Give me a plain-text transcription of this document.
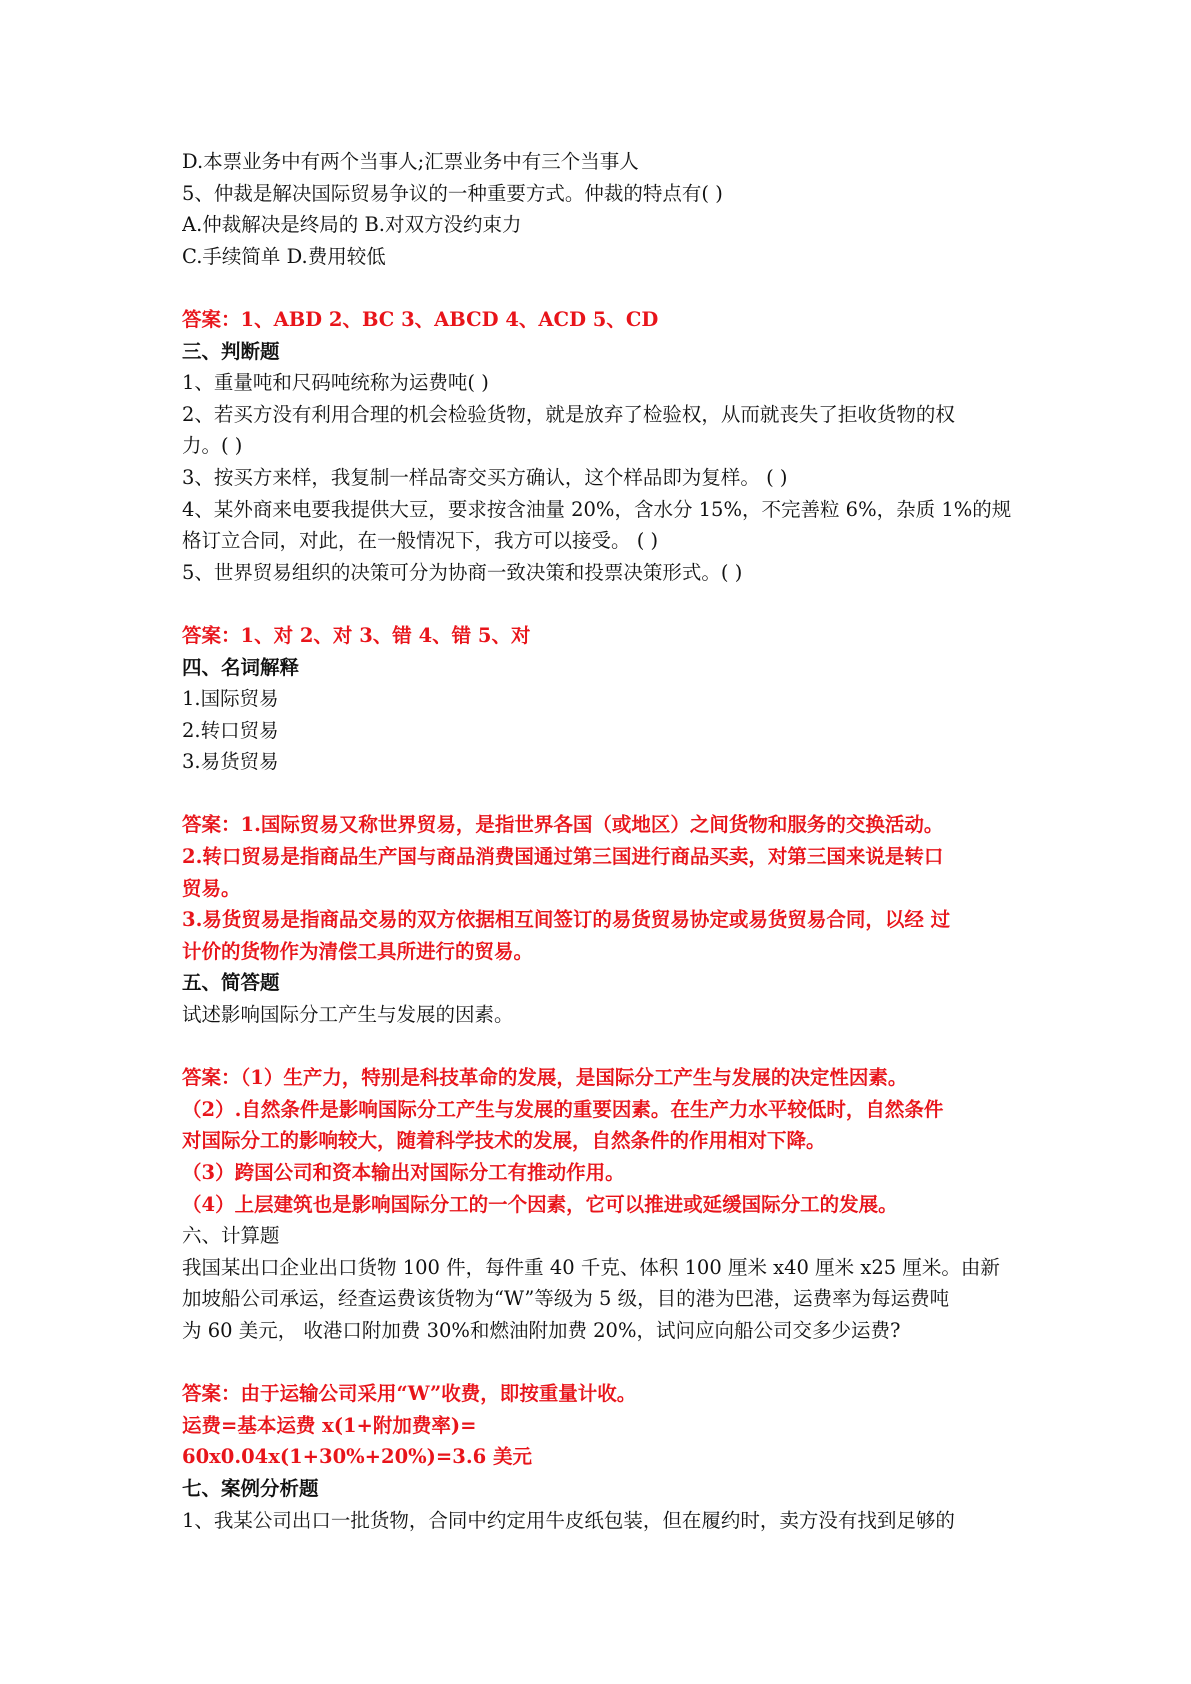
D.本票业务中有两个当事人;汇票业务中有三个当事人
5、仲裁是解决国际贸易争议的一种重要方式。仲裁的特点有( )
A.仲裁解决是终局的 B.对双方没约束力
C.手续简单 D.费用较低
答案：1、ABD 2、BC 3、ABCD 4、ACD 5、CD
三、判断题
1、重量吨和尺码吨统称为运费吨( )
2、若买方没有利用合理的机会检验货物，就是放弃了检验权，从而就丧失了拒收货物的权
力。( )
3、按买方来样，我复制一样品寄交买方确认，这个样品即为复样。 ( )
4、某外商来电要我提供大豆，要求按含油量 20%，含水分 15%，不完善粒 6%，杂质 1%的规
格订立合同，对此，在一般情况下，我方可以接受。 ( )
5、世界贸易组织的决策可分为协商一致决策和投票决策形式。( )
答案：1、对 2、对 3、错 4、错 5、对
四、名词解释
1.国际贸易
2.转口贸易
3.易货贸易
答案：1.国际贸易又称世界贸易，是指世界各国（或地区）之间货物和服务的交换活动。
2.转口贸易是指商品生产国与商品消费国通过第三国进行商品买卖，对第三国来说是转口
贸易。
3.易货贸易是指商品交易的双方依据相互间签订的易货贸易协定或易货贸易合同，以经 过
计价的货物作为清偿工具所进行的贸易。
五、简答题
试述影响国际分工产生与发展的因素。
答案：（1）生产力，特别是科技革命的发展，是国际分工产生与发展的决定性因素。
（2）.自然条件是影响国际分工产生与发展的重要因素。在生产力水平较低时，自然条件
对国际分工的影响较大，随着科学技术的发展，自然条件的作用相对下降。
（3）跨国公司和资本输出对国际分工有推动作用。
（4）上层建筑也是影响国际分工的一个因素，它可以推进或延缓国际分工的发展。
六、计算题
我国某出口企业出口货物 100 件，每件重 40 千克、体积 100 厘米 x40 厘米 x25 厘米。由新
加坡船公司承运，经查运费该货物为“W”等级为 5 级，目的港为巴港，运费率为每运费吨
为 60 美元， 收港口附加费 30%和燃油附加费 20%，试问应向船公司交多少运费?
答案：由于运输公司采用“W”收费，即按重量计收。
运费=基本运费 x(1+附加费率)=
60x0.04x(1+30%+20%)=3.6 美元
七、案例分析题
1、我某公司出口一批货物，合同中约定用牛皮纸包装，但在履约时，卖方没有找到足够的
